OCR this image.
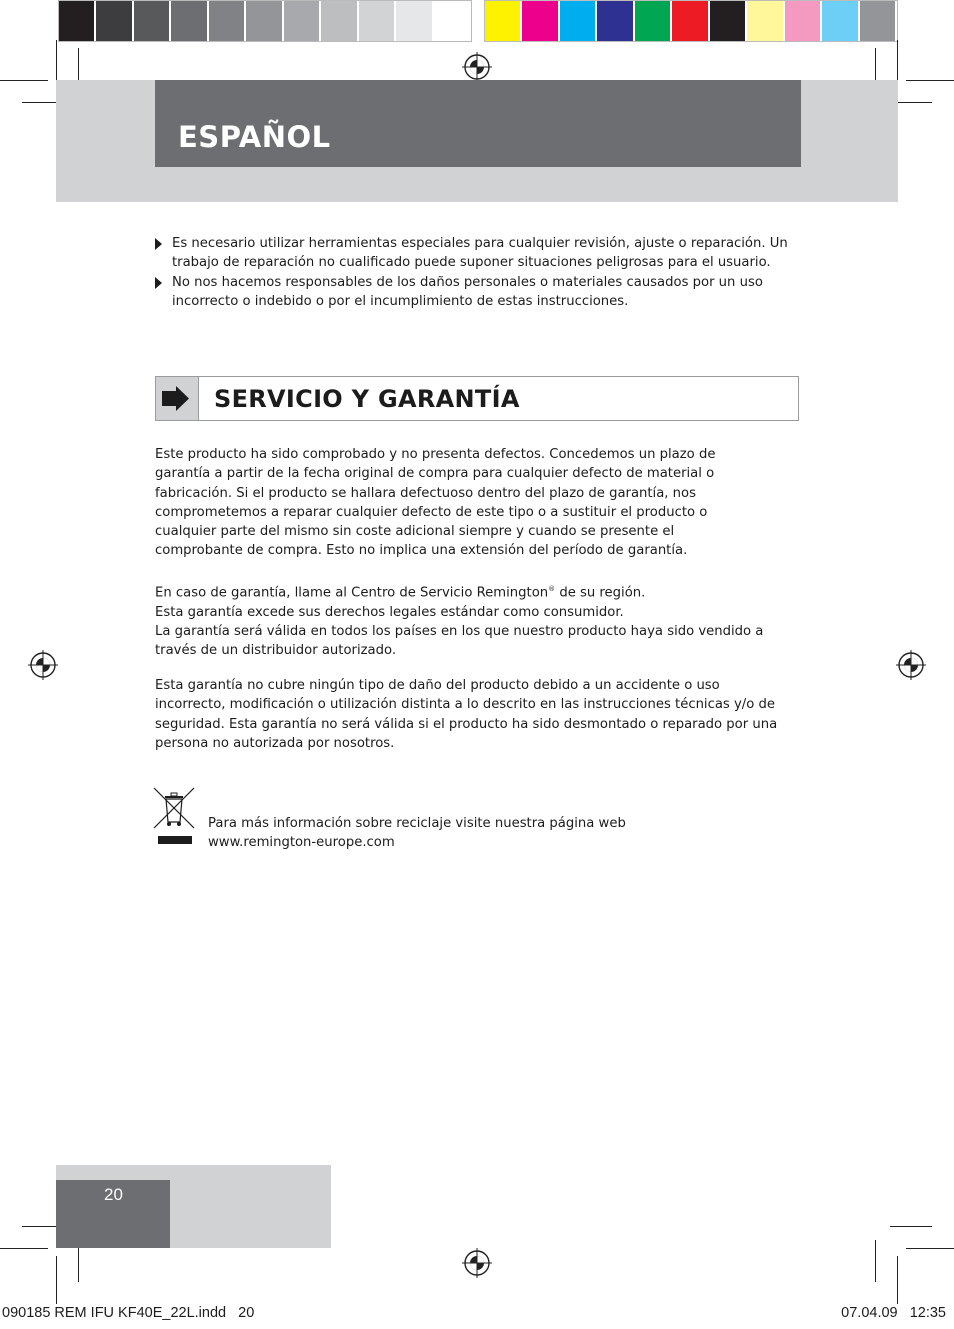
ESPAÑOL
Es necesario utilizar herramientas especiales para cualquier revisión, ajuste o reparación. Un trabajo de reparación no cualificado puede suponer situaciones peligrosas para el usuario.
No nos hacemos responsables de los daños personales o materiales causados por un uso incorrecto o indebido o por el incumplimiento de estas instrucciones.
SERVICIO Y GARANTÍA

Este producto ha sido comprobado y no presenta defectos. Concedemos un plazo de garantía a partir de la fecha original de compra para cualquier defecto de material o fabricación. Si el producto se hallara defectuoso dentro del plazo de garantía, nos comprometemos a reparar cualquier defecto de este tipo o a sustituir el producto o cualquier parte del mismo sin coste adicional siempre y cuando se presente el comprobante de compra. Esto no implica una extensión del período de garantía.

En caso de garantía, llame al Centro de Servicio Remington® de su región.
Esta garantía excede sus derechos legales estándar como consumidor.
La garantía será válida en todos los países en los que nuestro producto haya sido vendido a través de un distribuidor autorizado.

Esta garantía no cubre ningún tipo de daño del producto debido a un accidente o uso incorrecto, modificación o utilización distinta a lo descrito en las instrucciones técnicas y/o de seguridad. Esta garantía no será válida si el producto ha sido desmontado o reparado por una persona no autorizada por nosotros.

Para más información sobre reciclaje visite nuestra página web
www.remington-europe.com
20
090185 REM IFU KF40E_22L.indd   20	07.04.09   12:35
